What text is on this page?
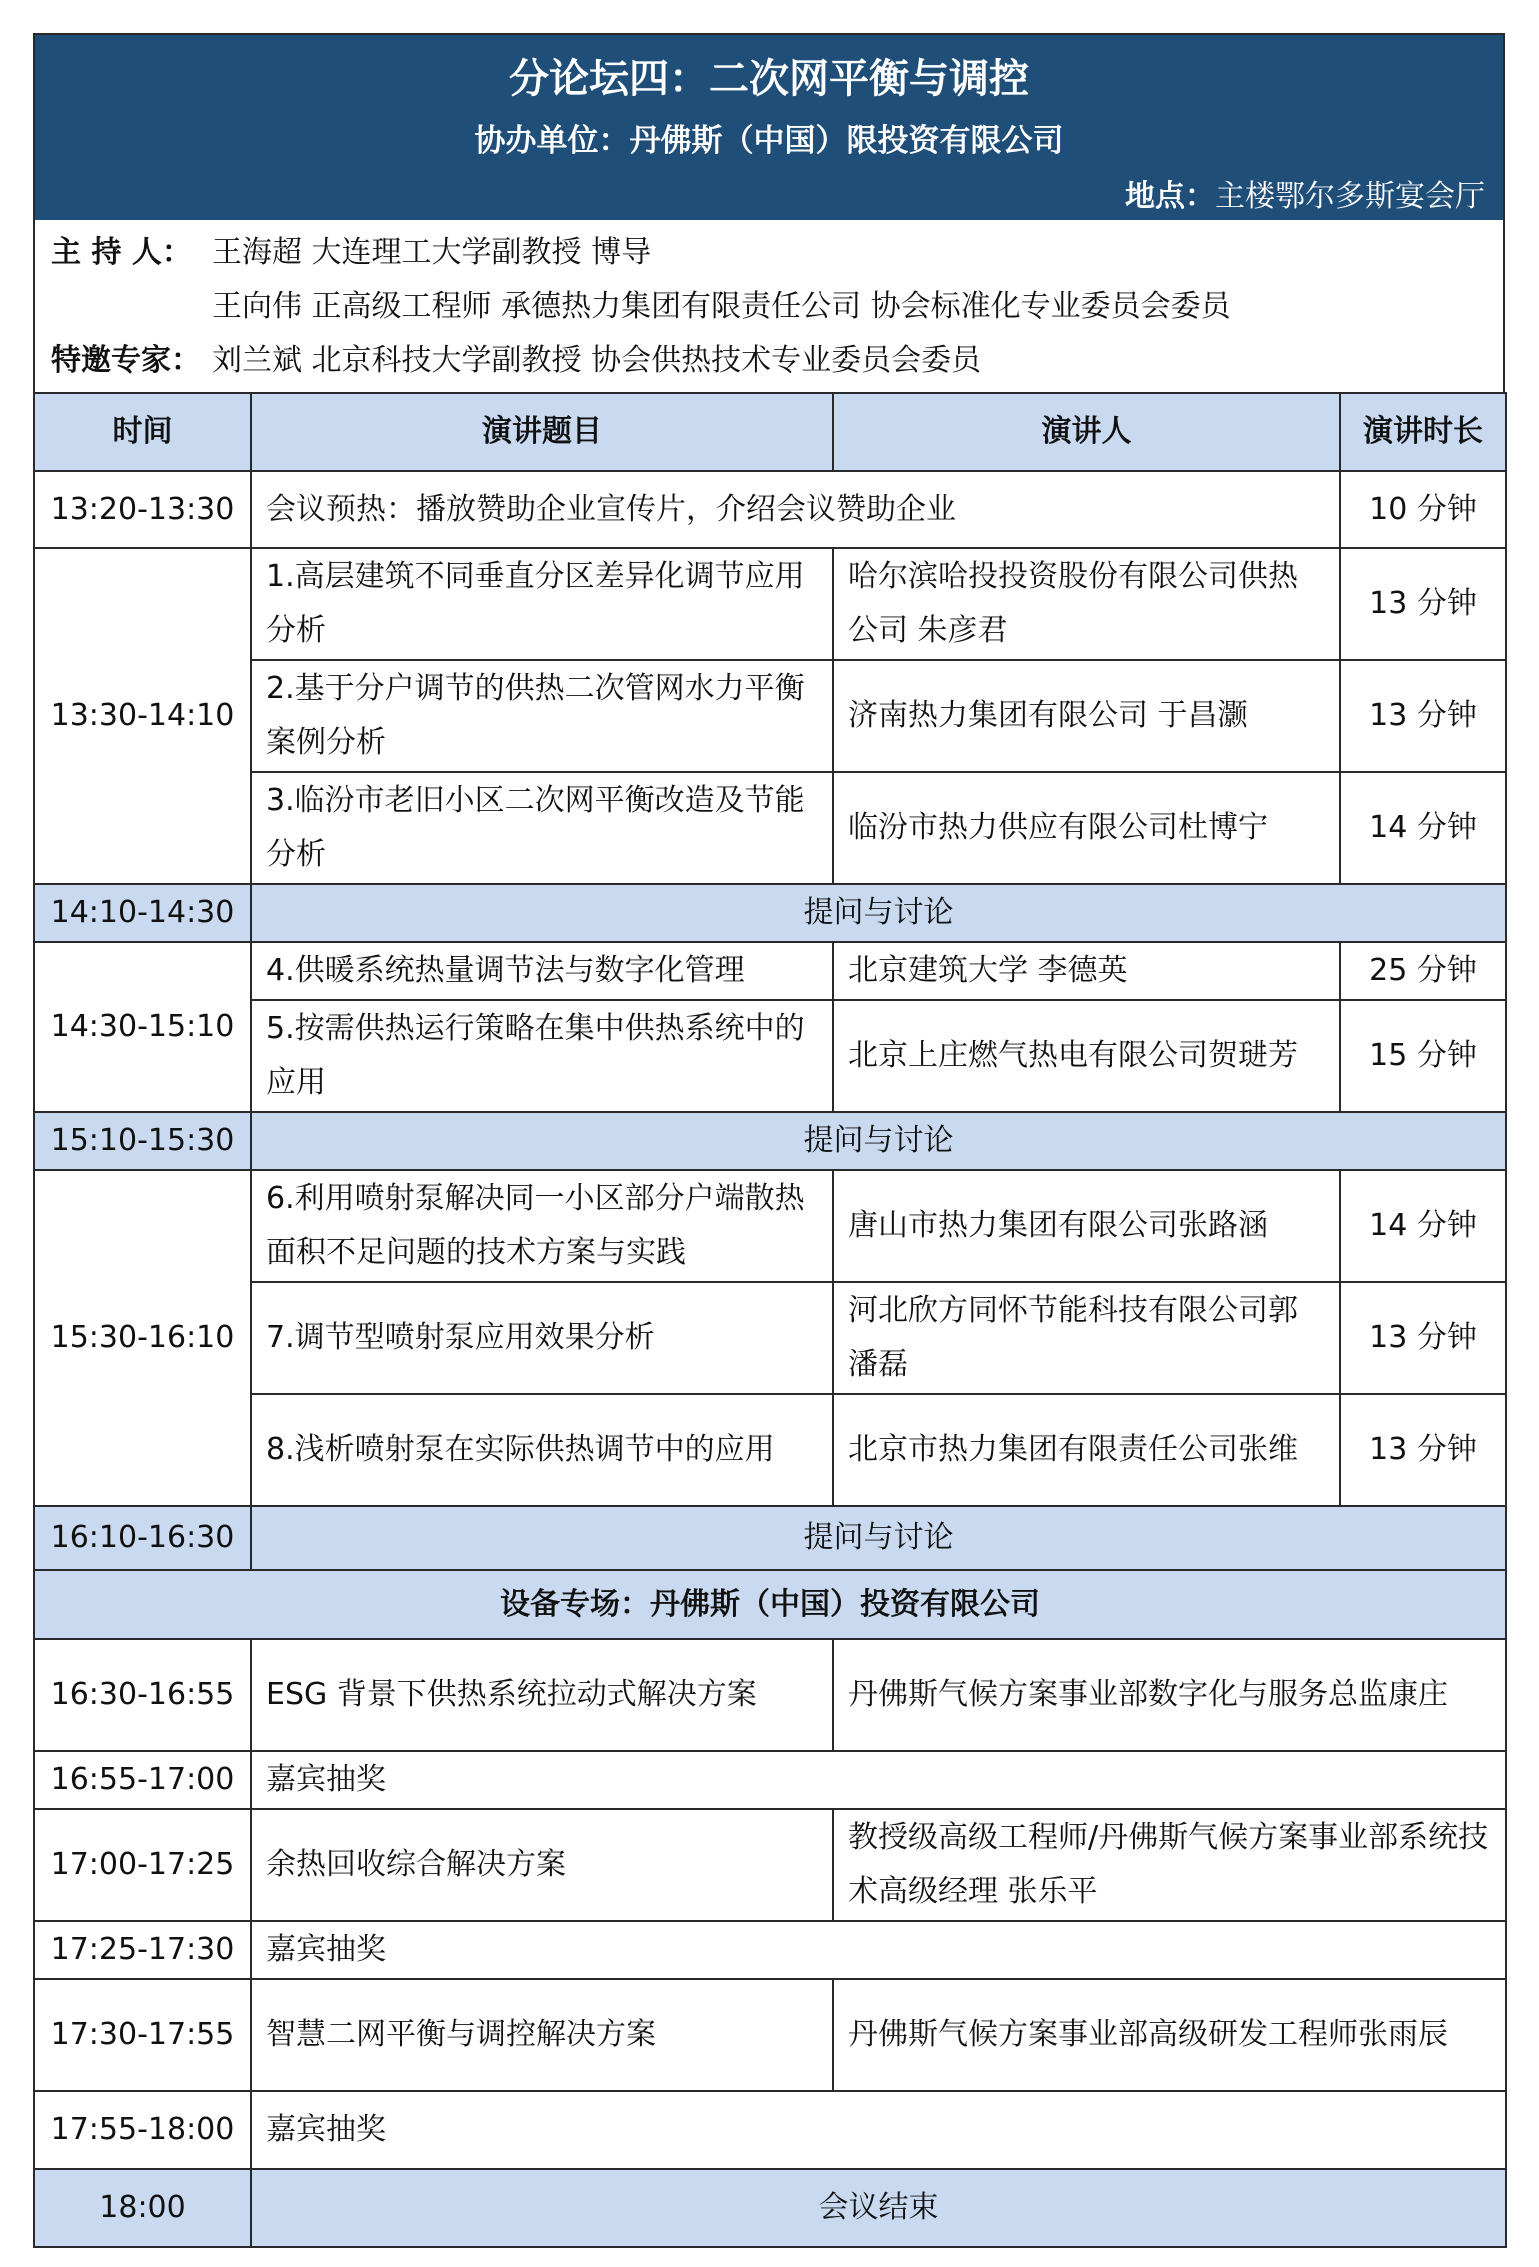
分论坛四：二次网平衡与调控
协办单位：丹佛斯（中国）限投资有限公司
地点：主楼鄂尔多斯宴会厅
主 持 人： 王海超 大连理工大学副教授 博导
王向伟 正高级工程师 承德热力集团有限责任公司 协会标准化专业委员会委员
特邀专家： 刘兰斌 北京科技大学副教授 协会供热技术专业委员会委员
时间	演讲题目	演讲人	演讲时长
13:20-13:30	会议预热：播放赞助企业宣传片，介绍会议赞助企业		10 分钟
13:30-14:10	1.高层建筑不同垂直分区差异化调节应用分析	哈尔滨哈投投资股份有限公司供热公司 朱彦君	13 分钟
	2.基于分户调节的供热二次管网水力平衡案例分析	济南热力集团有限公司 于昌灏	13 分钟
	3.临汾市老旧小区二次网平衡改造及节能分析	临汾市热力供应有限公司杜博宁	14 分钟
14:10-14:30	提问与讨论		
14:30-15:10	4.供暖系统热量调节法与数字化管理	北京建筑大学 李德英	25 分钟
	5.按需供热运行策略在集中供热系统中的应用	北京上庄燃气热电有限公司贺琎芳	15 分钟
15:10-15:30	提问与讨论		
15:30-16:10	6.利用喷射泵解决同一小区部分户端散热面积不足问题的技术方案与实践	唐山市热力集团有限公司张路涵	14 分钟
	7.调节型喷射泵应用效果分析	河北欣方同怀节能科技有限公司郭潘磊	13 分钟
	8.浅析喷射泵在实际供热调节中的应用	北京市热力集团有限责任公司张维	13 分钟
16:10-16:30	提问与讨论		
设备专场：丹佛斯（中国）投资有限公司			
16:30-16:55	ESG 背景下供热系统拉动式解决方案	丹佛斯气候方案事业部数字化与服务总监康庄	
16:55-17:00	嘉宾抽奖		
17:00-17:25	余热回收综合解决方案	教授级高级工程师/丹佛斯气候方案事业部系统技术高级经理 张乐平	
17:25-17:30	嘉宾抽奖		
17:30-17:55	智慧二网平衡与调控解决方案	丹佛斯气候方案事业部高级研发工程师张雨辰	
17:55-18:00	嘉宾抽奖		
18:00	会议结束		
